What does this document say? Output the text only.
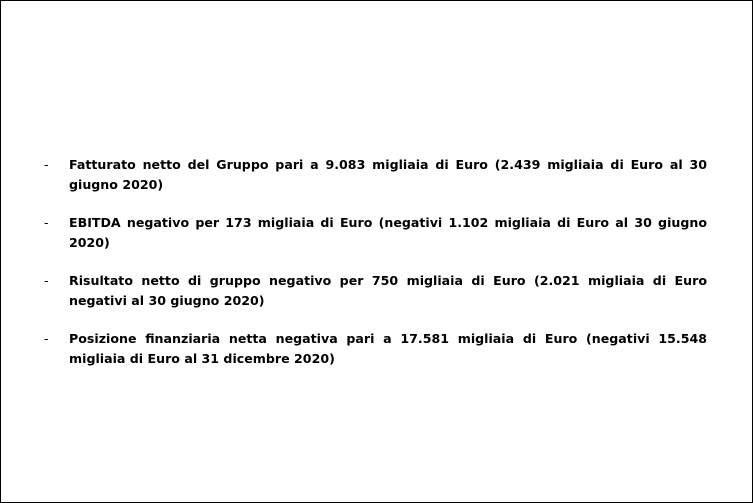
-	Fatturato netto del Gruppo pari a 9.083 migliaia di Euro (2.439 migliaia di Euro al 30 giugno 2020)
-	EBITDA negativo per 173 migliaia di Euro (negativi 1.102 migliaia di Euro al 30 giugno 2020)
-	Risultato netto di gruppo negativo per 750 migliaia di Euro (2.021 migliaia di Euro negativi al 30 giugno 2020)
-	Posizione finanziaria netta negativa pari a 17.581 migliaia di Euro (negativi 15.548 migliaia di Euro al 31 dicembre 2020)
